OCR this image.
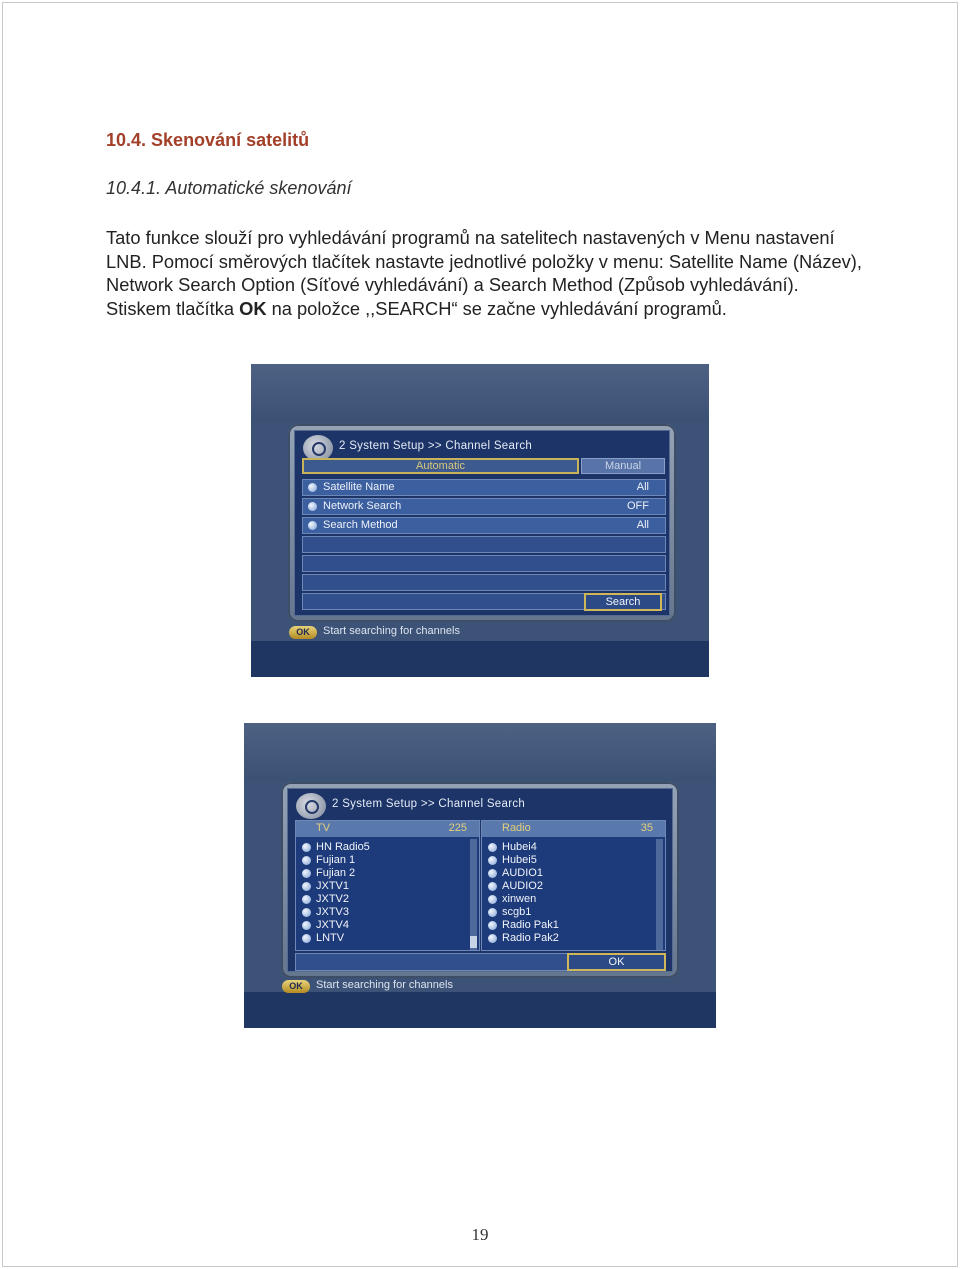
10.4. Skenování satelitů
10.4.1. Automatické skenování

Tato funkce slouží pro vyhledávání programů na satelitech nastavených v Menu nastavení LNB. Pomocí směrových tlačítek nastavte jednotlivé položky v menu: Satellite Name (Název), Network Search Option (Síťové vyhledávání) a Search Method (Způsob vyhledávání). Stiskem tlačítka OK na položce ,,SEARCH“ se začne vyhledávání programů.

2 System Setup >> Channel Search
Automatic	Manual
Satellite Name	All
Network Search	OFF
Search Method	All
Search
OK	Start searching for channels
2 System Setup >> Channel Search
TV	225
HN Radio5
Fujian 1
Fujian 2
JXTV1
JXTV2
JXTV3
JXTV4
LNTV
Radio	35
Hubei4
Hubei5
AUDIO1
AUDIO2
xinwen
scgb1
Radio Pak1
Radio Pak2
OK
OK	Start searching for channels
19
